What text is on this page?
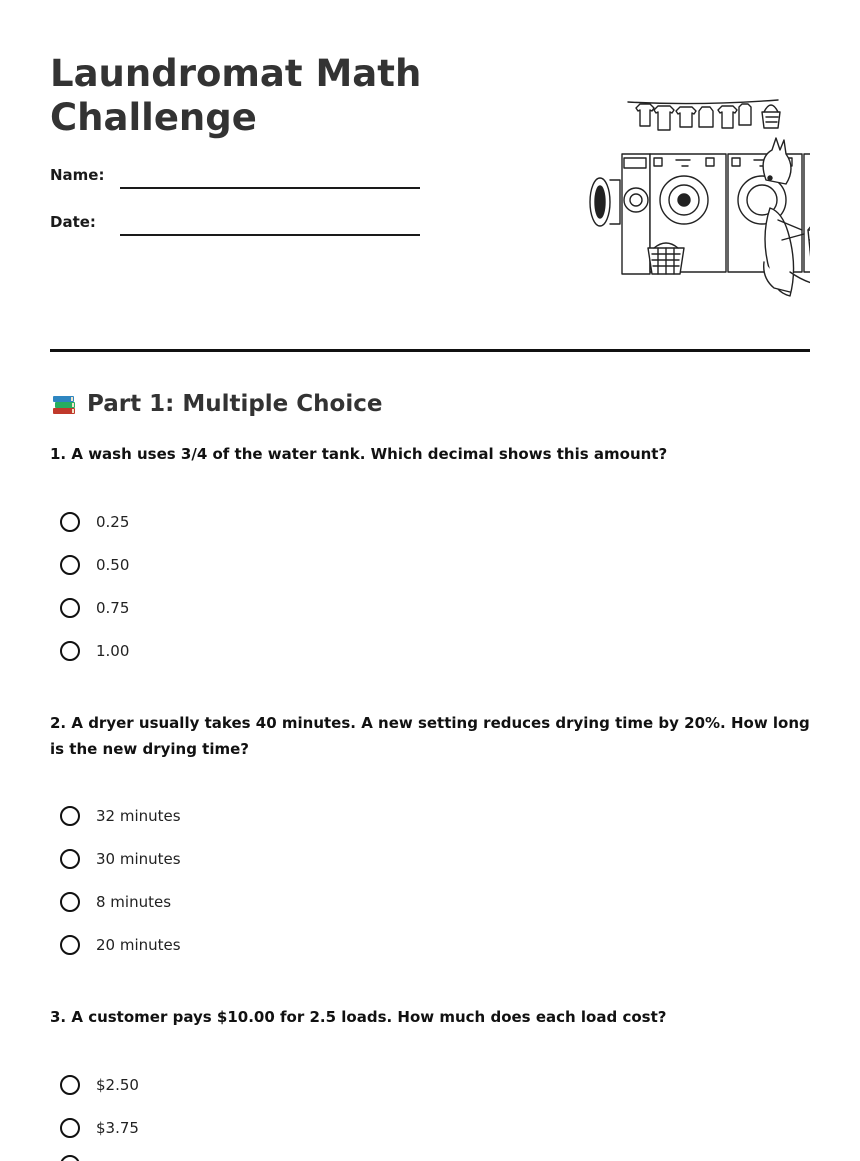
Laundromat Math Challenge
Name:
Date:
Part 1: Multiple Choice

1. A wash uses 3/4 of the water tank. Which decimal shows this amount?

0.25
0.50
0.75
1.00

2. A dryer usually takes 40 minutes. A new setting reduces drying time by 20%. How long is the new drying time?

32 minutes
30 minutes
8 minutes
20 minutes

3. A customer pays $10.00 for 2.5 loads. How much does each load cost?

$2.50
$3.75
